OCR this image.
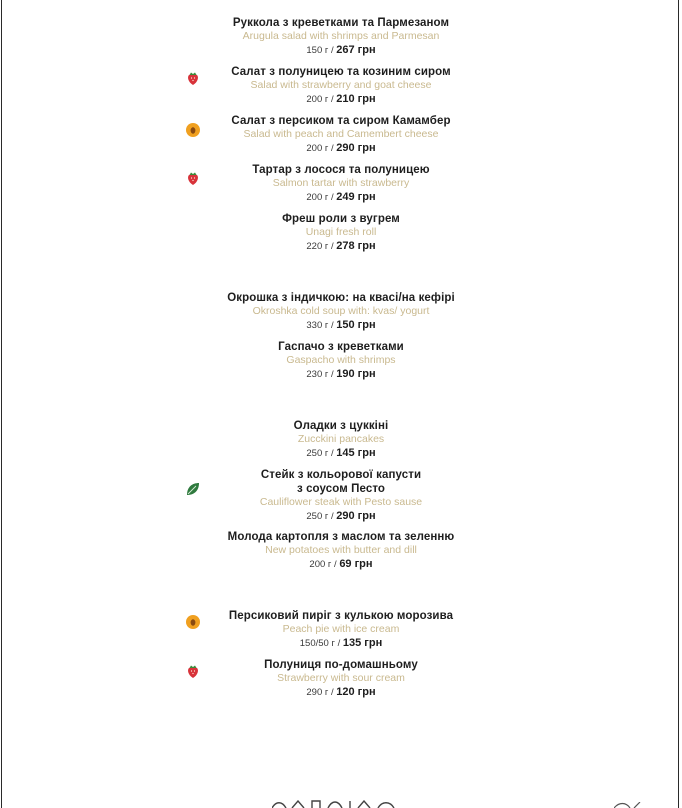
Руккола з креветками та Пармезаном
Arugula salad with shrimps and Parmesan
150 г / 267 грн
Салат з полуницею та козиним сиром
Salad with strawberry and goat cheese
200 г / 210 грн
Салат з персиком та сиром Камамбер
Salad with peach and Camembert cheese
200 г / 290 грн
Тартар з лосося та полуницею
Salmon tartar with strawberry
200 г / 249 грн
Фреш роли з вугрем
Unagi fresh roll
220 г / 278 грн
Окрошка з індичкою: на квасі/на кефірі
Okroshka cold soup with: kvas/ yogurt
330 г / 150 грн
Гаспачо з креветками
Gaspacho with shrimps
230 г / 190 грн
Оладки з цуккіні
Zucckini pancakes
250 г / 145 грн
Стейк з кольорової капусти
з соусом Песто
Cauliflower steak with Pesto sause
250 г / 290 грн
Молода картопля з маслом та зеленню
New potatoes with butter and dill
200 г / 69 грн
Персиковий пиріг з кулькою морозива
Peach pie with ice cream
150/50 г / 135 грн
Полуниця по-домашньому
Strawberry with sour cream
290 г / 120 грн
